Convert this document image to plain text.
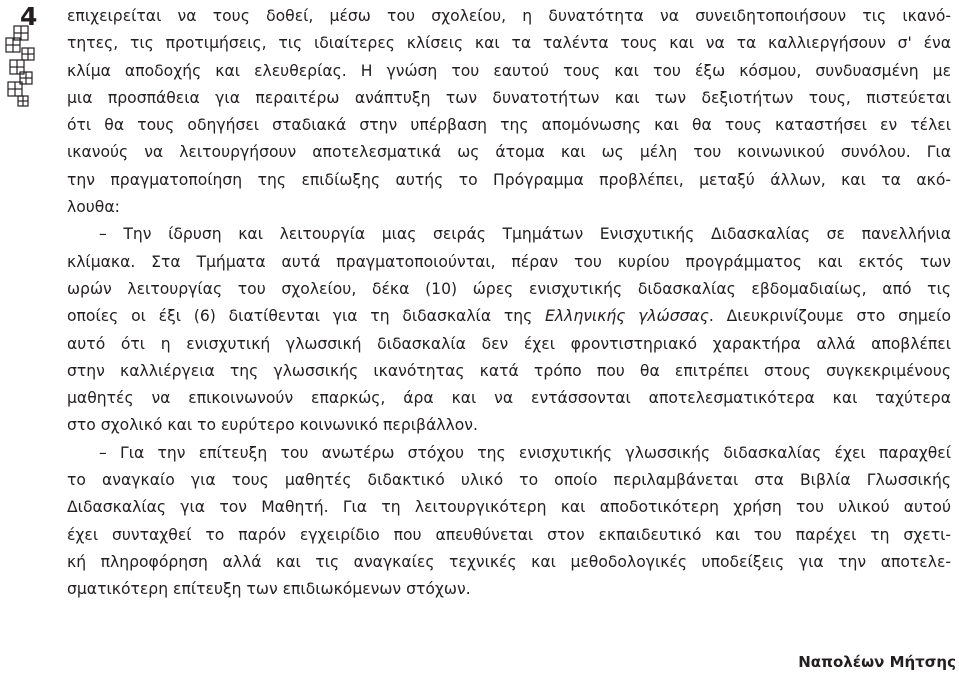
4 επιχειρείται να τους δοθεί, μέσω του σχολείου, η δυνατότητα να συνειδητοποιήσουν τις ικανό-
τητες, τις προτιμήσεις, τις ιδιαίτερες κλίσεις και τα ταλέντα τους και να τα καλλιεργήσουν σ' ένα
κλίμα αποδοχής και ελευθερίας. Η γνώση του εαυτού τους και του έξω κόσμου, συνδυασμένη με
μια προσπάθεια για περαιτέρω ανάπτυξη των δυνατοτήτων και των δεξιοτήτων τους, πιστεύεται
ότι θα τους οδηγήσει σταδιακά στην υπέρβαση της απομόνωσης και θα τους καταστήσει εν τέλει
ικανούς να λειτουργήσουν αποτελεσματικά ως άτομα και ως μέλη του κοινωνικού συνόλου. Για
την πραγματοποίηση της επιδίωξης αυτής το Πρόγραμμα προβλέπει, μεταξύ άλλων, και τα ακό-
λουθα:
– Την ίδρυση και λειτουργία μιας σειράς Τμημάτων Ενισχυτικής Διδασκαλίας σε πανελλήνια
κλίμακα. Στα Τμήματα αυτά πραγματοποιούνται, πέραν του κυρίου προγράμματος και εκτός των
ωρών λειτουργίας του σχολείου, δέκα (10) ώρες ενισχυτικής διδασκαλίας εβδομαδιαίως, από τις
οποίες οι έξι (6) διατίθενται για τη διδασκαλία της Ελληνικής γλώσσας. Διευκρινίζουμε στο σημείο
αυτό ότι η ενισχυτική γλωσσική διδασκαλία δεν έχει φροντιστηριακό χαρακτήρα αλλά αποβλέπει
στην καλλιέργεια της γλωσσικής ικανότητας κατά τρόπο που θα επιτρέπει στους συγκεκριμένους
μαθητές να επικοινωνούν επαρκώς, άρα και να εντάσσονται αποτελεσματικότερα και ταχύτερα
στο σχολικό και το ευρύτερο κοινωνικό περιβάλλον.
– Για την επίτευξη του ανωτέρω στόχου της ενισχυτικής γλωσσικής διδασκαλίας έχει παραχθεί
το αναγκαίο για τους μαθητές διδακτικό υλικό το οποίο περιλαμβάνεται στα Βιβλία Γλωσσικής
Διδασκαλίας για τον Μαθητή. Για τη λειτουργικότερη και αποδοτικότερη χρήση του υλικού αυτού
έχει συνταχθεί το παρόν εγχειρίδιο που απευθύνεται στον εκπαιδευτικό και του παρέχει τη σχετι-
κή πληροφόρηση αλλά και τις αναγκαίες τεχνικές και μεθοδολογικές υποδείξεις για την αποτελε-
σματικότερη επίτευξη των επιδιωκόμενων στόχων.
Ναπολέων Μήτσης
